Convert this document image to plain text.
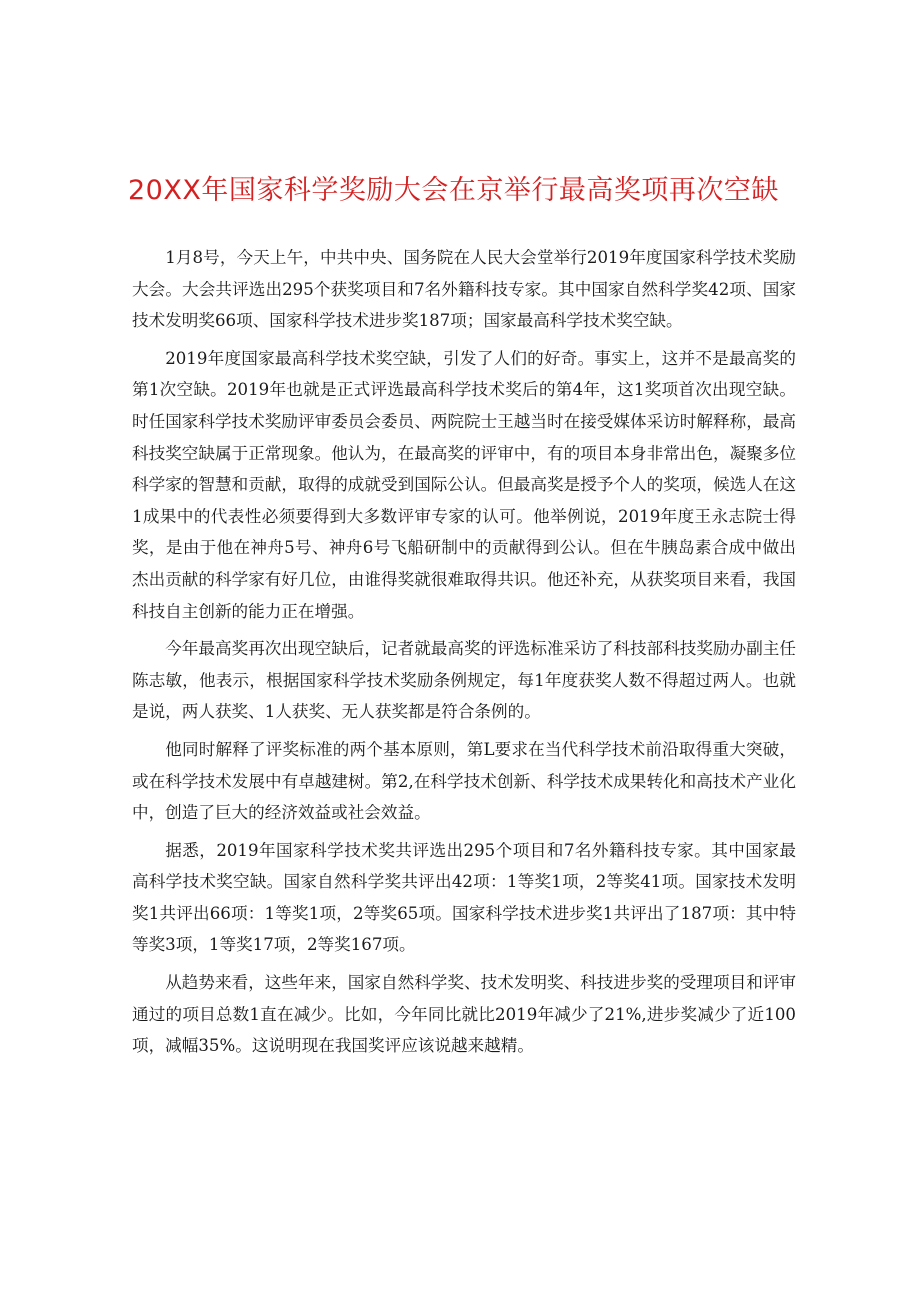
20XX年国家科学奖励大会在京举行最高奖项再次空缺

1月8号，今天上午，中共中央、国务院在人民大会堂举行2019年度国家科学技术奖励大会。大会共评选出295个获奖项目和7名外籍科技专家。其中国家自然科学奖42项、国家技术发明奖66项、国家科学技术进步奖187项；国家最高科学技术奖空缺。

2019年度国家最高科学技术奖空缺，引发了人们的好奇。事实上，这并不是最高奖的第1次空缺。2019年也就是正式评选最高科学技术奖后的第4年，这1奖项首次出现空缺。时任国家科学技术奖励评审委员会委员、两院院士王越当时在接受媒体采访时解释称，最高科技奖空缺属于正常现象。他认为，在最高奖的评审中，有的项目本身非常出色，凝聚多位科学家的智慧和贡献，取得的成就受到国际公认。但最高奖是授予个人的奖项，候选人在这1成果中的代表性必须要得到大多数评审专家的认可。他举例说，2019年度王永志院士得奖，是由于他在神舟5号、神舟6号飞船研制中的贡献得到公认。但在牛胰岛素合成中做出杰出贡献的科学家有好几位，由谁得奖就很难取得共识。他还补充，从获奖项目来看，我国科技自主创新的能力正在增强。

今年最高奖再次出现空缺后，记者就最高奖的评选标准采访了科技部科技奖励办副主任陈志敏，他表示，根据国家科学技术奖励条例规定，每1年度获奖人数不得超过两人。也就是说，两人获奖、1人获奖、无人获奖都是符合条例的。

他同时解释了评奖标准的两个基本原则，第L要求在当代科学技术前沿取得重大突破，或在科学技术发展中有卓越建树。第2,在科学技术创新、科学技术成果转化和高技术产业化中，创造了巨大的经济效益或社会效益。

据悉，2019年国家科学技术奖共评选出295个项目和7名外籍科技专家。其中国家最高科学技术奖空缺。国家自然科学奖共评出42项：1等奖1项，2等奖41项。国家技术发明奖1共评出66项：1等奖1项，2等奖65项。国家科学技术进步奖1共评出了187项：其中特等奖3项，1等奖17项，2等奖167项。

从趋势来看，这些年来，国家自然科学奖、技术发明奖、科技进步奖的受理项目和评审通过的项目总数1直在减少。比如，今年同比就比2019年减少了21%,进步奖减少了近100项，减幅35%。这说明现在我国奖评应该说越来越精。
